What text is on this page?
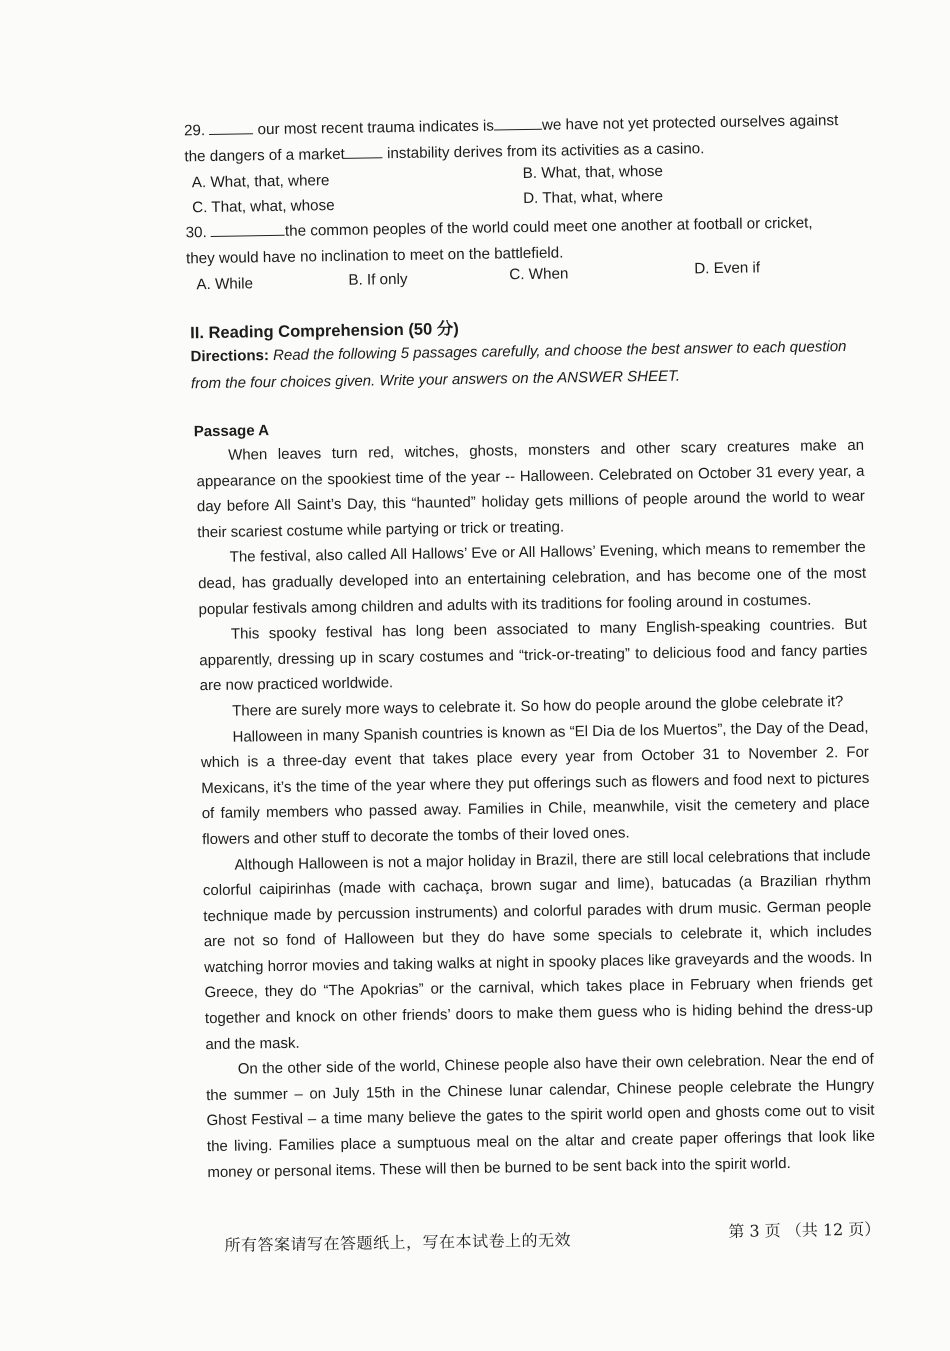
29.	our most recent trauma indicates is	we have not yet protected ourselves against
the dangers of a market	instability derives from its activities as a casino.
A. What, that, where	B. What, that, whose
C. That, what, whose	D. That, what, where
30.	the common peoples of the world could meet one another at football or cricket,
they would have no inclination to meet on the battlefield.
A. While	B. If only	C. When	D. Even if
II. Reading Comprehension (50 分)
Directions: Read the following 5 passages carefully, and choose the best answer to each question from the four choices given. Write your answers on the ANSWER SHEET.
Passage A

When leaves turn red, witches, ghosts, monsters and other scary creatures make an appearance on the spookiest time of the year -- Halloween. Celebrated on October 31 every year, a day before All Saint’s Day, this “haunted” holiday gets millions of people around the world to wear their scariest costume while partying or trick or treating.

The festival, also called All Hallows’ Eve or All Hallows’ Evening, which means to remember the dead, has gradually developed into an entertaining celebration, and has become one of the most popular festivals among children and adults with its traditions for fooling around in costumes.

This spooky festival has long been associated to many English-speaking countries. But apparently, dressing up in scary costumes and “trick-or-treating” to delicious food and fancy parties are now practiced worldwide.

There are surely more ways to celebrate it. So how do people around the globe celebrate it?

Halloween in many Spanish countries is known as “El Dia de los Muertos”, the Day of the Dead, which is a three-day event that takes place every year from October 31 to November 2. For Mexicans, it’s the time of the year where they put offerings such as flowers and food next to pictures of family members who passed away. Families in Chile, meanwhile, visit the cemetery and place flowers and other stuff to decorate the tombs of their loved ones.

Although Halloween is not a major holiday in Brazil, there are still local celebrations that include colorful caipirinhas (made with cachaça, brown sugar and lime), batucadas (a Brazilian rhythm technique made by percussion instruments) and colorful parades with drum music. German people are not so fond of Halloween but they do have some specials to celebrate it, which includes watching horror movies and taking walks at night in spooky places like graveyards and the woods. In Greece, they do “The Apokrias” or the carnival, which takes place in February when friends get together and knock on other friends’ doors to make them guess who is hiding behind the dress-up and the mask.

On the other side of the world, Chinese people also have their own celebration. Near the end of the summer – on July 15th in the Chinese lunar calendar, Chinese people celebrate the Hungry Ghost Festival – a time many believe the gates to the spirit world open and ghosts come out to visit the living. Families place a sumptuous meal on the altar and create paper offerings that look like money or personal items. These will then be burned to be sent back into the spirit world.

所有答案请写在答题纸上，写在本试卷上的无效
第 3 页 （共 12 页）
